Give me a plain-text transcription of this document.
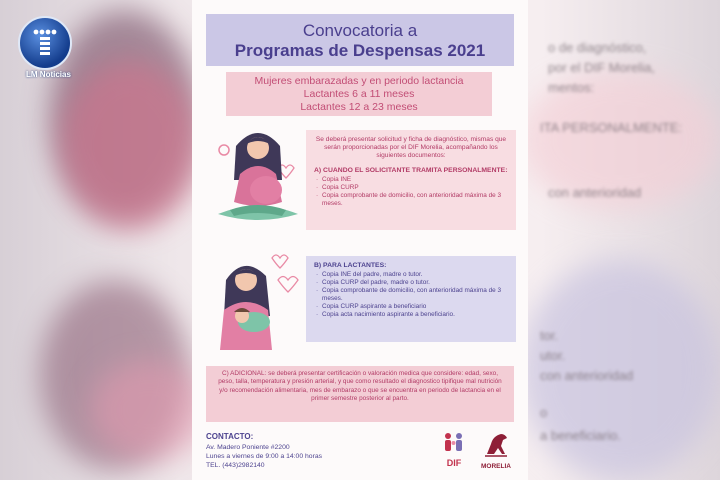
o de diagnóstico,
por el DIF Morelia,
mentos:
ITA PERSONALMENTE:
con anterioridad
tor.
utor.
con anterioridad
o
a beneficiario.
LM Noticias
Convocatoria a
Programas de Despensas 2021
Mujeres embarazadas y en periodo lactancia
Lactantes 6 a 11 meses
Lactantes 12 a 23 meses

Se deberá presentar solicitud y ficha de diagnóstico, mismas que serán proporcionadas por el DIF Morelia, acompañando los siguientes documentos:

A) CUANDO EL SOLICITANTE TRAMITA PERSONALMENTE:
· Copia INE
· Copia CURP
· Copia comprobante de domicilio, con anterioridad máxima de 3 meses.
B) PARA LACTANTES:
· Copia INE del padre, madre o tutor.
· Copia CURP del padre, madre o tutor.
· Copia comprobante de domicilio, con anterioridad máxima de 3 meses.
· Copia CURP aspirante a beneficiario
· Copia acta nacimiento aspirante a beneficiario.

C) ADICIONAL: se deberá presentar certificación o valoración medica que considere: edad, sexo, peso, talla, temperatura y presión arterial, y que como resultado el diagnostico tipifique mal nutrición y/o recomendación alimentaria, mes de embarazo o que se encuentra en periodo de lactancia en el primer semestre posterior al parto.

CONTACTO:
Av. Madero Poniente #2200
Lunes a viernes de 9:00 a 14:00 horas
TEL. (443)2982140	DIF	MORELIA
